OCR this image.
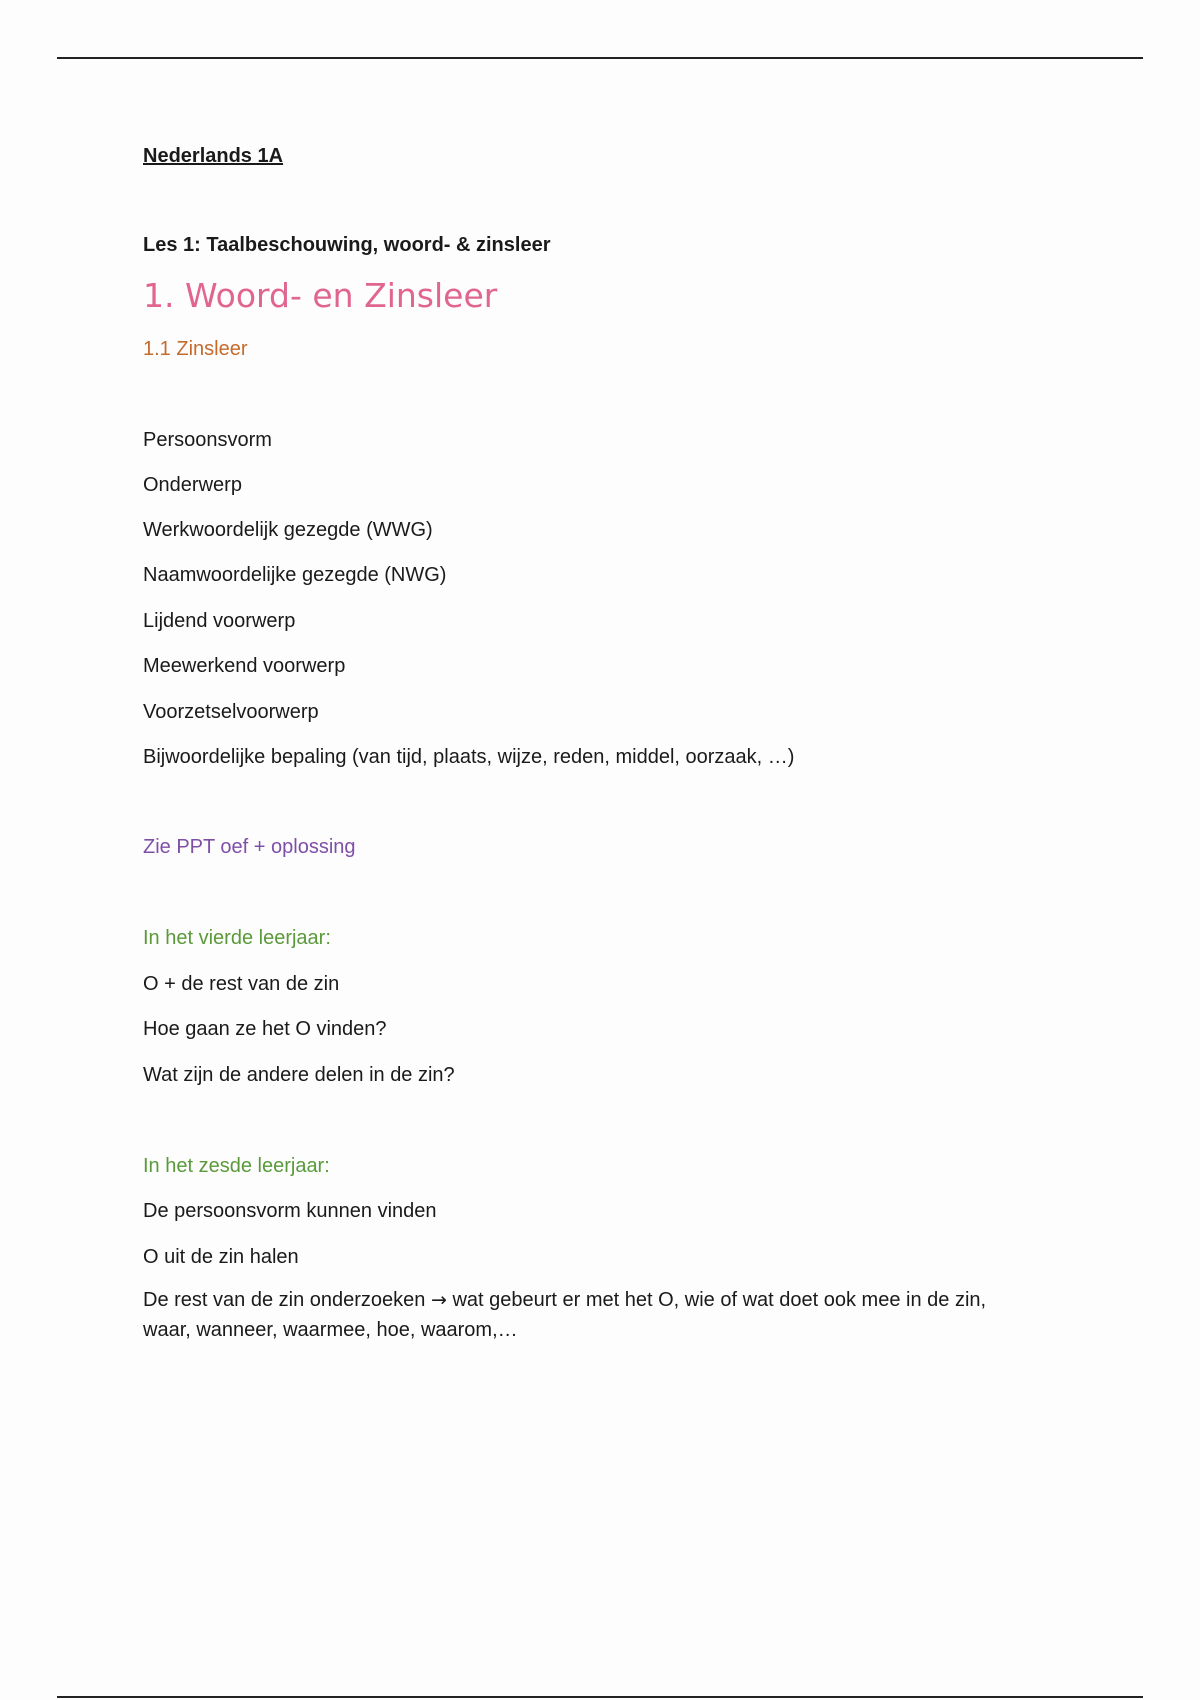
Nederlands 1A
Les 1: Taalbeschouwing, woord- & zinsleer
1. Woord- en Zinsleer
1.1 Zinsleer
Persoonsvorm
Onderwerp
Werkwoordelijk gezegde (WWG)
Naamwoordelijke gezegde (NWG)
Lijdend voorwerp
Meewerkend voorwerp
Voorzetselvoorwerp
Bijwoordelijke bepaling (van tijd, plaats, wijze, reden, middel, oorzaak, …)
Zie PPT oef + oplossing
In het vierde leerjaar:
O + de rest van de zin
Hoe gaan ze het O vinden?
Wat zijn de andere delen in de zin?
In het zesde leerjaar:
De persoonsvorm kunnen vinden
O uit de zin halen
De rest van de zin onderzoeken → wat gebeurt er met het O, wie of wat doet ook mee in de zin, waar, wanneer, waarmee, hoe, waarom,…
